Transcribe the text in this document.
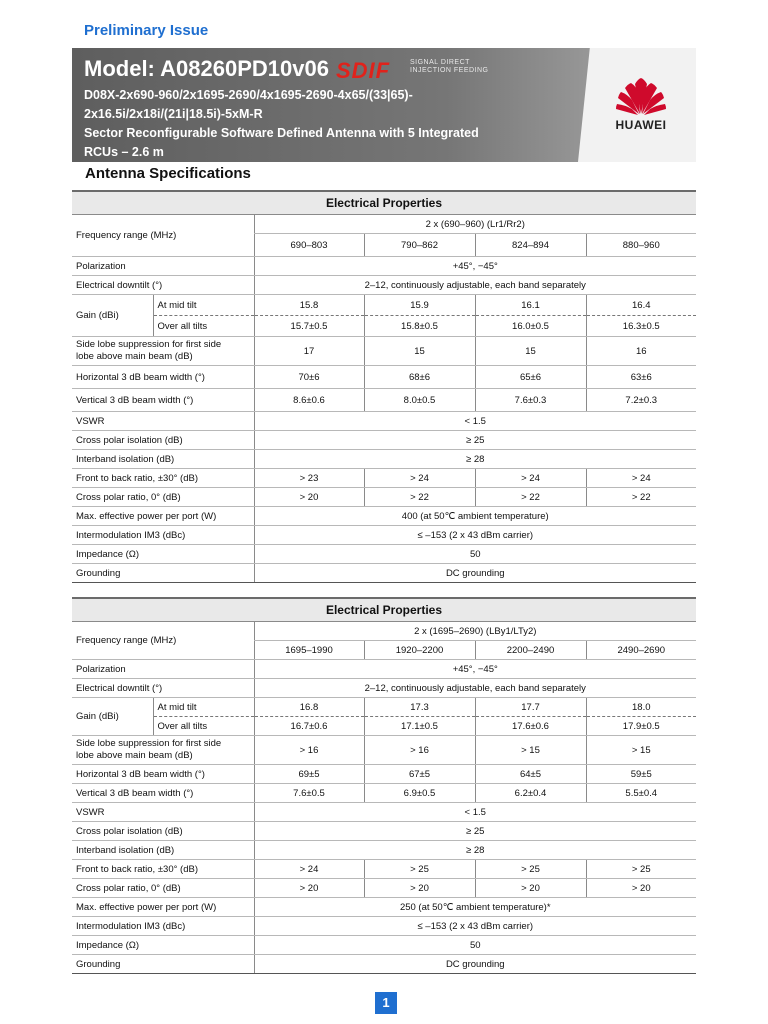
Preliminary Issue
Model: A08260PD10v06 SDIF	SIGNAL DIRECT
INJECTION FEEDING
D08X-2x690-960/2x1695-2690/4x1695-2690-4x65/(33|65)-
2x16.5i/2x18i/(21i|18.5i)-5xM-R
Sector Reconfigurable Software Defined Antenna with 5 Integrated
RCUs – 2.6 m
HUAWEI
Antenna Specifications
Electrical Properties					
Frequency range (MHz)		2 x (690–960) (Lr1/Rr2)			
		690–803	790–862	824–894	880–960
Polarization		+45°, −45°			
Electrical downtilt (°)		2–12, continuously adjustable, each band separately			
Gain (dBi)	At mid tilt	15.8	15.9	16.1	16.4
	Over all tilts	15.7±0.5	15.8±0.5	16.0±0.5	16.3±0.5

Side lobe suppression for first side
lobe above main beam (dB)		17	15	15	16
Horizontal 3 dB beam width (°)		70±6	68±6	65±6	63±6
Vertical 3 dB beam width (°)		8.6±0.6	8.0±0.5	7.6±0.3	7.2±0.3
VSWR		< 1.5			
Cross polar isolation (dB)		≥ 25			
Interband isolation (dB)		≥ 28			
Front to back ratio, ±30° (dB)		> 23	> 24	> 24	> 24
Cross polar ratio, 0° (dB)		> 20	> 22	> 22	> 22
Max. effective power per port (W)		400 (at 50℃ ambient temperature)			
Intermodulation IM3 (dBc)		≤ –153 (2 x 43 dBm carrier)			
Impedance (Ω)		50			
Grounding		DC grounding			
Electrical Properties					
Frequency range (MHz)		2 x (1695–2690) (LBy1/LTy2)			
		1695–1990	1920–2200	2200–2490	2490–2690
Polarization		+45°, −45°			
Electrical downtilt (°)		2–12, continuously adjustable, each band separately			
Gain (dBi)	At mid tilt	16.8	17.3	17.7	18.0
	Over all tilts	16.7±0.6	17.1±0.5	17.6±0.6	17.9±0.5

Side lobe suppression for first side
lobe above main beam (dB)		> 16	> 16	> 15	> 15
Horizontal 3 dB beam width (°)		69±5	67±5	64±5	59±5
Vertical 3 dB beam width (°)		7.6±0.5	6.9±0.5	6.2±0.4	5.5±0.4
VSWR		< 1.5			
Cross polar isolation (dB)		≥ 25			
Interband isolation (dB)		≥ 28			
Front to back ratio, ±30° (dB)		> 24	> 25	> 25	> 25
Cross polar ratio, 0° (dB)		> 20	> 20	> 20	> 20
Max. effective power per port (W)		250 (at 50℃ ambient temperature)*			
Intermodulation IM3 (dBc)		≤ –153 (2 x 43 dBm carrier)			
Impedance (Ω)		50			
Grounding		DC grounding			
1
